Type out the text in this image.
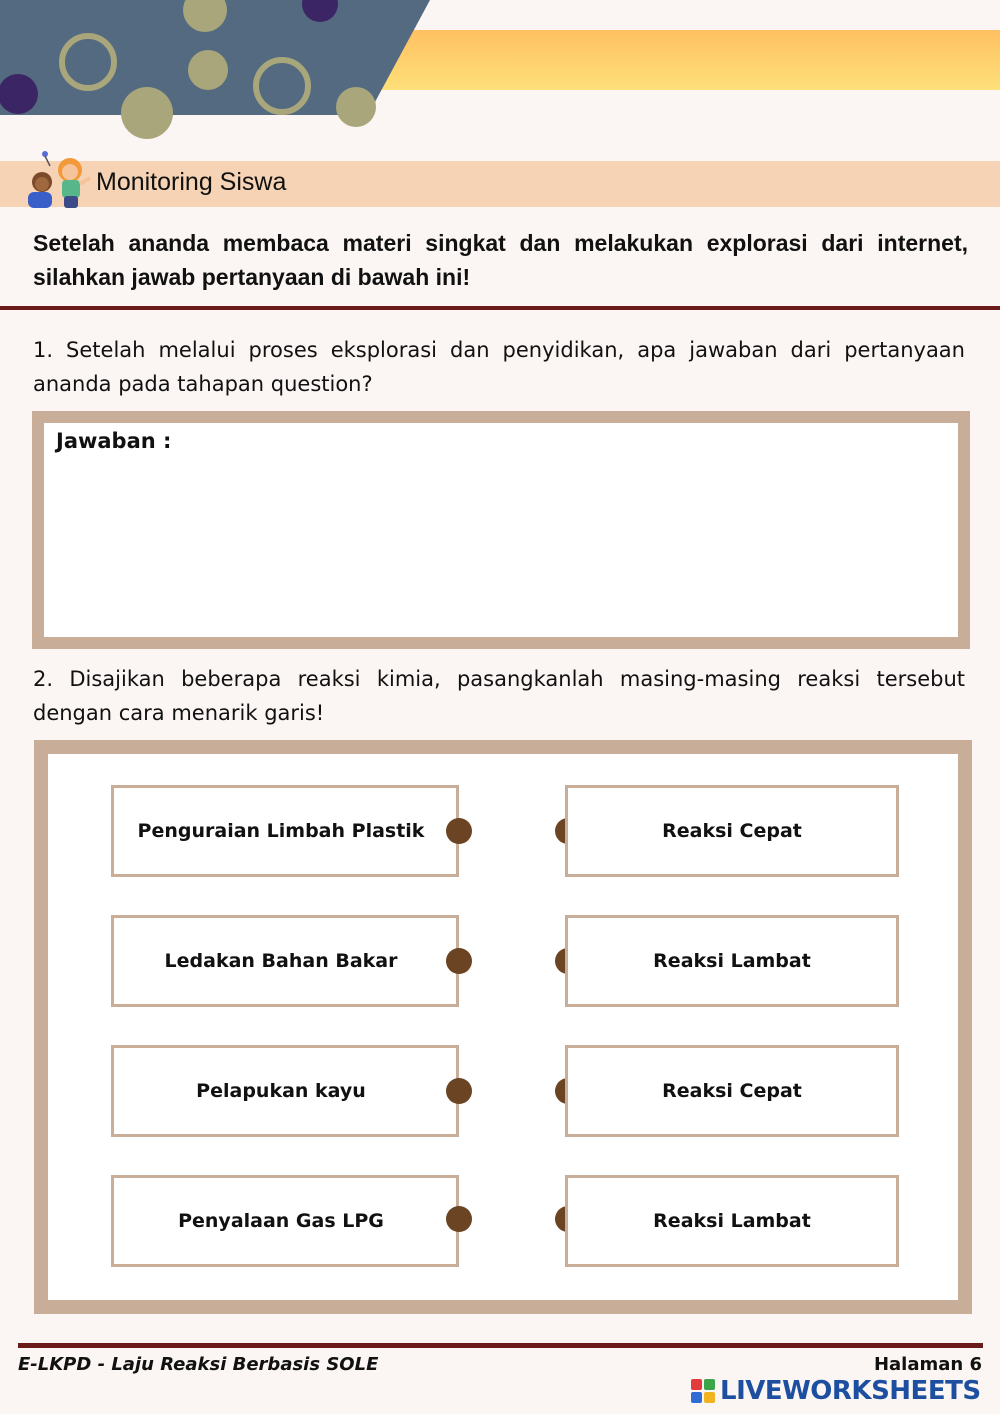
Monitoring Siswa
Setelah ananda membaca materi singkat dan melakukan explorasi dari internet, silahkan jawab pertanyaan di bawah ini!
1. Setelah melalui proses eksplorasi dan penyidikan, apa jawaban dari pertanyaan ananda pada tahapan question?
Jawaban :
2. Disajikan beberapa reaksi kimia, pasangkanlah masing-masing reaksi tersebut dengan cara menarik garis!
Penguraian Limbah Plastik	Reaksi Cepat
Ledakan Bahan Bakar	Reaksi Lambat
Pelapukan kayu	Reaksi Cepat
Penyalaan Gas LPG	Reaksi Lambat
E-LKPD - Laju Reaksi Berbasis SOLE	Halaman 6
LIVEWORKSHEETS
